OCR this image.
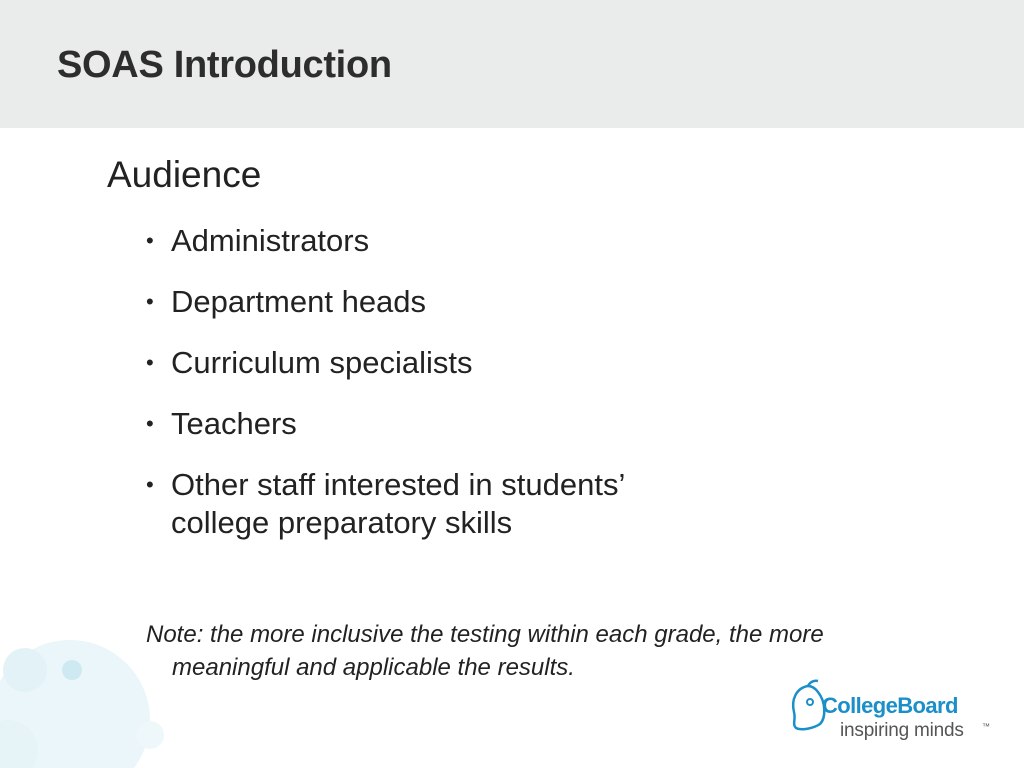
SOAS Introduction
Audience
• Administrators
• Department heads
• Curriculum specialists
• Teachers
• Other staff interested in students’
college preparatory skills

Note: the more inclusive the testing within each grade, the more meaningful and applicable the results.

CollegeBoard
inspiring minds ™
